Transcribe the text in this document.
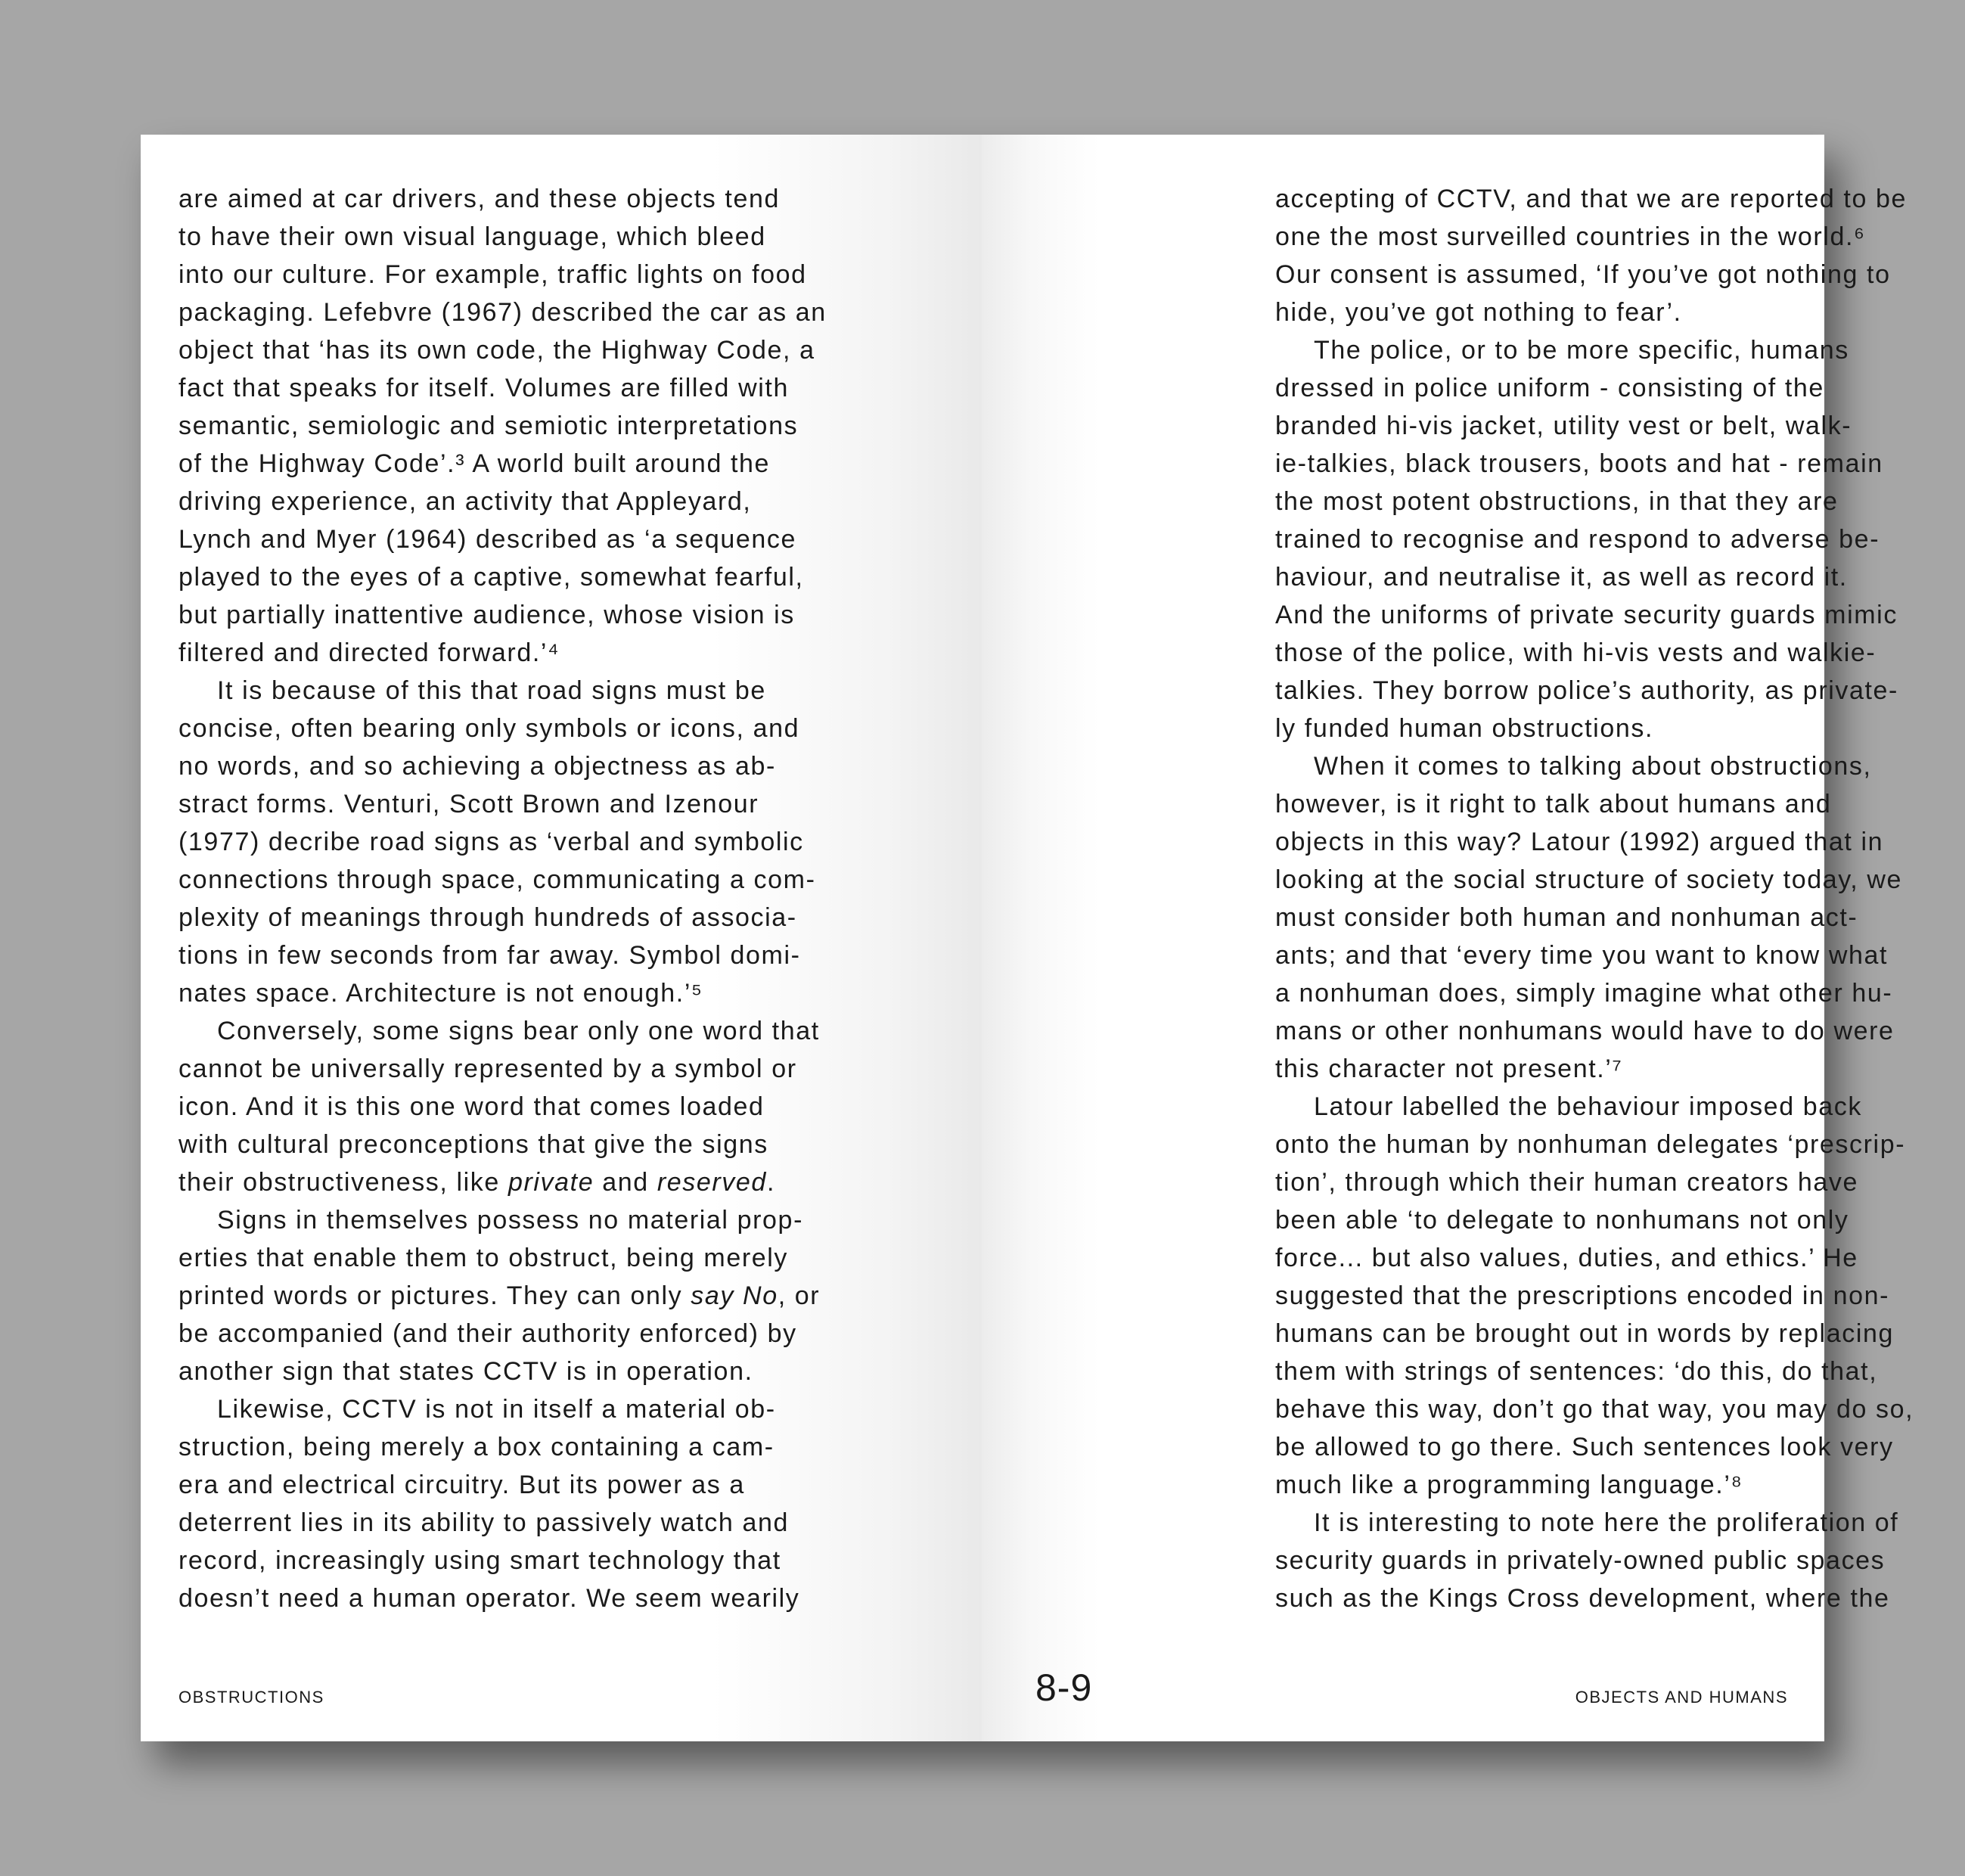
are aimed at car drivers, and these objects tend
to have their own visual language, which bleed
into our culture. For example, traffic lights on food
packaging. Lefebvre (1967) described the car as an
object that ‘has its own code, the Highway Code, a
fact that speaks for itself. Volumes are filled with
semantic, semiologic and semiotic interpretations
of the Highway Code’.³ A world built around the
driving experience, an activity that Appleyard,
Lynch and Myer (1964) described as ‘a sequence
played to the eyes of a captive, somewhat fearful,
but partially inattentive audience, whose vision is
filtered and directed forward.’⁴
It is because of this that road signs must be
concise, often bearing only symbols or icons, and
no words, and so achieving a objectness as ab-
stract forms. Venturi, Scott Brown and Izenour
(1977) decribe road signs as ‘verbal and symbolic
connections through space, communicating a com-
plexity of meanings through hundreds of associa-
tions in few seconds from far away. Symbol domi-
nates space. Architecture is not enough.’⁵
Conversely, some signs bear only one word that
cannot be universally represented by a symbol or
icon. And it is this one word that comes loaded
with cultural preconceptions that give the signs
their obstructiveness, like private and reserved.
Signs in themselves possess no material prop-
erties that enable them to obstruct, being merely
printed words or pictures. They can only say No, or
be accompanied (and their authority enforced) by
another sign that states CCTV is in operation.
Likewise, CCTV is not in itself a material ob-
struction, being merely a box containing a cam-
era and electrical circuitry. But its power as a
deterrent lies in its ability to passively watch and
record, increasingly using smart technology that
doesn’t need a human operator. We seem wearily
OBSTRUCTIONS
accepting of CCTV, and that we are reported to be
one the most surveilled countries in the world.⁶
Our consent is assumed, ‘If you’ve got nothing to
hide, you’ve got nothing to fear’.
The police, or to be more specific, humans
dressed in police uniform - consisting of the
branded hi-vis jacket, utility vest or belt, walk-
ie-talkies, black trousers, boots and hat - remain
the most potent obstructions, in that they are
trained to recognise and respond to adverse be-
haviour, and neutralise it, as well as record it.
And the uniforms of private security guards mimic
those of the police, with hi-vis vests and walkie-
talkies. They borrow police’s authority, as private-
ly funded human obstructions.
When it comes to talking about obstructions,
however, is it right to talk about humans and
objects in this way? Latour (1992) argued that in
looking at the social structure of society today, we
must consider both human and nonhuman act-
ants; and that ‘every time you want to know what
a nonhuman does, simply imagine what other hu-
mans or other nonhumans would have to do were
this character not present.’⁷
Latour labelled the behaviour imposed back
onto the human by nonhuman delegates ‘prescrip-
tion’, through which their human creators have
been able ‘to delegate to nonhumans not only
force... but also values, duties, and ethics.’ He
suggested that the prescriptions encoded in non-
humans can be brought out in words by replacing
them with strings of sentences: ‘do this, do that,
behave this way, don’t go that way, you may do so,
be allowed to go there. Such sentences look very
much like a programming language.’⁸
It is interesting to note here the proliferation of
security guards in privately-owned public spaces
such as the Kings Cross development, where the
OBJECTS AND HUMANS
8-9
